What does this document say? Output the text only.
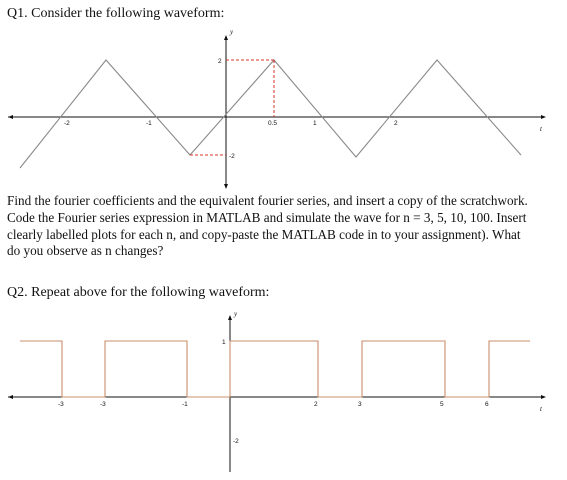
Q1. Consider the following waveform:
y
t
-2	-1	0.5	1	2
2
-2
Find the fourier coefficients and the equivalent fourier series, and insert a copy of the scratchwork.
Code the Fourier series expression in MATLAB and simulate the wave for n = 3, 5, 10, 100. Insert
clearly labelled plots for each n, and copy-paste the MATLAB code in to your assignment). What
do you observe as n changes?
Q2. Repeat above for the following waveform:
y
t
-3	-3	-1	2	3	5	6
1
-2
